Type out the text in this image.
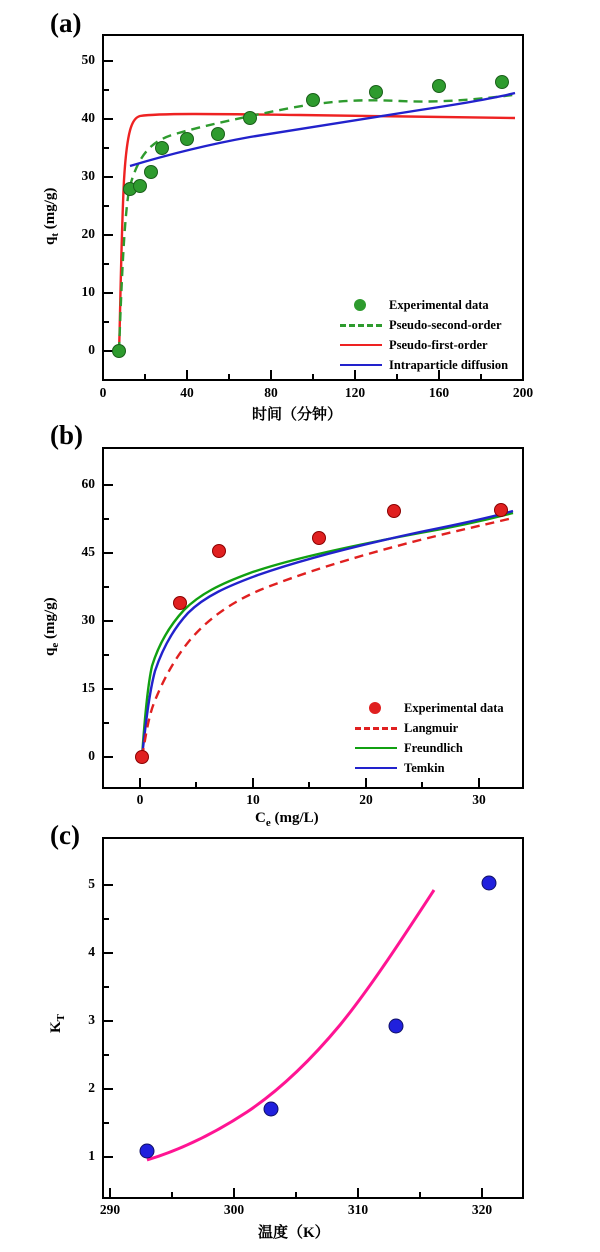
(a)
0	40	80	120	160	200
0
10
20
30
40
50
时间（分钟）
$q_t$ (mg/g)
Experimental data
Pseudo-second-order
Pseudo-first-order
Intraparticle diffusion
(b)
0	10	20	30
0
15
30
45
60
$C_e$ (mg/L)
$q_e$ (mg/g)
Experimental data
Langmuir
Freundlich
Temkin
(c)
290	300	310	320
1
2
3
4
5
温度（K）
$K_T$
